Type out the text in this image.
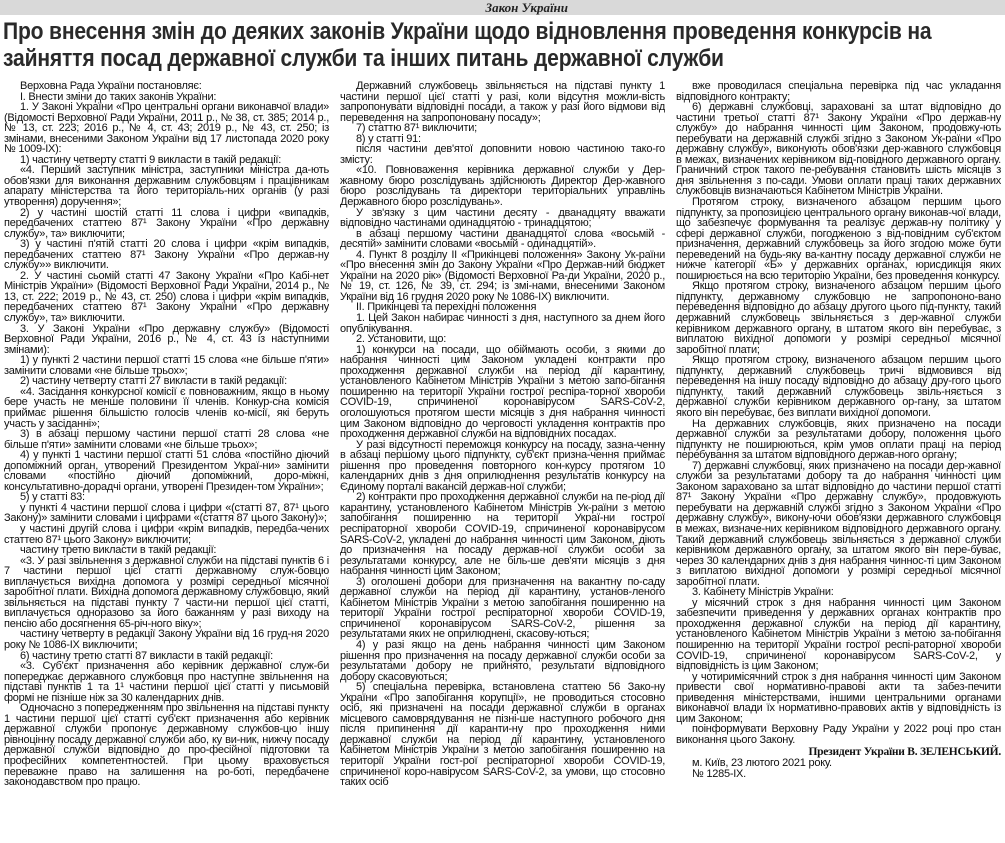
Закон України
Про внесення змін до деяких законів України щодо відновлення проведення конкурсів на зайняття посад державної служби та інших питань державної служби

Верховна Рада України постановляє:

І. Внести зміни до таких законів України:

1. У Законі України «Про центральні органи виконавчої влади» (Відомості Верховної Ради України, 2011 р., № 38, ст. 385; 2014 р., № 13, ст. 223; 2016 р., № 4, ст. 43; 2019 р., № 43, ст. 250; із змінами, внесеними Законом України від 17 листопада 2020 року № 1009-IX):

1) частину четверту статті 9 викласти в такій редакції:

«4. Перший заступник міністра, заступники міністра да-ють обов'язки для виконання державним службовцям і працівникам апарату міністерства та його територіаль-них органів (у разі утворення) доручення»;

2) у частині шостій статті 11 слова і цифри «випадків, передбачених статтею 87¹ Закону України «Про державну службу», та» виключити;

3) у частині п'ятій статті 20 слова і цифри «крім випадків, передбачених статтею 87¹ Закону України «Про держав-ну службу»» виключити.

2. У частині сьомій статті 47 Закону України «Про Кабі-нет Міністрів України» (Відомості Верховної Ради України, 2014 р., № 13, ст. 222; 2019 р., № 43, ст. 250) слова і цифри «крім випадків, передбачених статтею 87¹ Закону України «Про державну службу», та» виключити.

3. У Законі України «Про державну службу» (Відомості Верховної Ради України, 2016 р., № 4, ст. 43 із наступними змінами):

1) у пункті 2 частини першої статті 15 слова «не більше п'яти» замінити словами «не більше трьох»;

2) частину четверту статті 27 викласти в такій редакції:

«4. Засідання конкурсної комісії є повноважним, якщо в ньому бере участь не менше половини її членів. Конкур-сна комісія приймає рішення більшістю голосів членів ко-місії, які беруть участь у засіданні»;

3) в абзаці першому частини першої статті 28 слова «не більше п'яти» замінити словами «не більше трьох»;

4) у пункті 1 частини першої статті 51 слова «постійно діючий допоміжний орган, утворений Президентом Украї-ни» замінити словами «постійно діючий допоміжний, доро-міжні, консультативно-дорадчі органи, утворені Президен-том України»;

5) у статті 83:

у пункті 4 частини першої слова і цифри «(статті 87, 87¹ цього Закону)» замінити словами і цифрами «(стаття 87 цього Закону)»;

у частині другій слова і цифри «крім випадків, передба-чених статтею 87¹ цього Закону» виключити;

частину третю викласти в такій редакції:

«3. У разі звільнення з державної служби на підставі пунктів 6 і 7 частини першої цієї статті державному служ-бовцю виплачується вихідна допомога у розмірі середньої місячної заробітної плати. Вихідна допомога державному службовцю, який звільняється на підставі пункту 7 части-ни першої цієї статті, виплачується одноразово за його бажанням у разі виходу на пенсію або досягнення 65-річ-ного віку»;

частину четверту в редакції Закону України від 16 груд-ня 2020 року № 1086-IX виключити;

6) частину третю статті 87 викласти в такій редакції:

«3. Суб'єкт призначення або керівник державної служ-би попереджає державного службовця про наступне звільнення на підставі пунктів 1 та 1¹ частини першої цієї статті у письмовій формі не пізніше ніж за 30 календарних днів.

Одночасно з попередженням про звільнення на підставі пункту 1 частини першої цієї статті суб'єкт призначення або керівник державної служби пропонує державному службов-цю іншу рівноцінну посаду державної служби або, ку ви-ник, нижчу посаду державної служби відповідно до про-фесійної підготовки та професійних компетентностей. При цьому враховується переважне право на залишення на ро-боті, передбачене законодавством про працю.

Державний службовець звільняється на підставі пункту 1 частини першої цієї статті у разі, коли відсутня можли-вість запропонувати відповідні посади, а також у разі його відмови від переведення на запропоновану посаду»;

7) статтю 87¹ виключити;

8) у статті 91:

після частини дев'ятої доповнити новою частиною тако-го змісту:

«10. Повноваження керівника державної служби у Дер-жавному бюро розслідувань здійснюють Директор Дер-жавного бюро розслідувань та директори територіальних управлінь Державного бюро розслідувань».

У зв'язку з цим частини десяту - дванадцяту вважати відповідно частинами одинадцятою - тринадцятою;

в абзаці першому частини дванадцятої слова «восьмій - десятій» замінити словами «восьмій - одинадцятій».

4. Пункт 8 розділу ІІ «Прикінцеві положення» Закону Ук-раїни «Про внесення змін до Закону України «Про Держав-ний бюджет України на 2020 рік» (Відомості Верховної Ра-ди України, 2020 р., № 19, ст. 126, № 39, ст. 294; із змі-нами, внесеними Законом України від 16 грудня 2020 року № 1086-IX) виключити.

ІІ. Прикінцеві та перехідні положення

1. Цей Закон набирає чинності з дня, наступного за днем його опублікування.

2. Установити, що:

1) конкурси на посади, що обіймають особи, з якими до набрання чинності цим Законом укладені контракти про проходження державної служби на період дії карантину, установленого Кабінетом Міністрів України з метою запо-бігання поширенню на території України гострої респіра-торної хвороби COVID-19, спричиненої коронавірусом SARS-CoV-2, оголошуються протягом шести місяців з дня набрання чинності цим Законом відповідно до черговості укладення контрактів про проходження державної служби на відповідних посадах.

У разі відсутності переможця конкурсу на посаду, зазна-ченну в абзаці першому цього підпункту, суб'єкт призна-чення приймає рішення про проведення повторного кон-курсу протягом 10 календарних днів з дня оприлюднення результатів конкурсу на Єдиному порталі вакансій держав-ної служби;

2) контракти про проходження державної служби на пе-ріод дії карантину, установленого Кабінетом Міністрів Ук-раїни з метою запобігання поширенню на території Украї-ни гострої респіраторної хвороби COVID-19, спричиненої коронавірусом SARS-CoV-2, укладені до набрання чинності цим Законом, діють до призначення на посаду держав-ної служби особи за результатами конкурсу, але не біль-ше дев'яти місяців з дня набрання чинності цим Законом;

3) оголошені добори для призначення на вакантну по-саду державної служби на період дії карантину, установ-леного Кабінетом Міністрів України з метою запобігання поширенню на території України гострої респіраторної хвороби COVID-19, спричиненої коронавірусом SARS-CoV-2, рішення за результатами яких не оприлюднені, скасову-ються;

4) у разі якщо на день набрання чинності цим Законом рішення про призначення на посаду державної служби особи за результатами добору не прийнято, результати відповідного добору скасовуються;

5) спеціальна перевірка, встановлена статтею 56 Зако-ну України «Про запобігання корупції», не проводиться стосовно осіб, які призначені на посади державної служби в органах місцевого самоврядування не пізні-ше наступного робочого дня після припинення дії каранти-ну про проходження ними державної служби на період дії карантину, установленого Кабінетом Міністрів України з метою запобігання поширенню на території України гост-рої респіраторної хвороби COVID-19, спричиненої коро-навірусом SARS-CoV-2, за умови, що стосовно таких осіб

вже проводилася спеціальна перевірка під час укладання відповідного контракту;

6) державні службовці, зараховані за штат відповідно до частини третьої статті 87¹ Закону України «Про держав-ну службу» до набрання чинності цим Законом, продовжу-ють перебувати на державній службі згідно з Законом Ук-раїни «Про державну службу», виконують обов'язки дер-жавного службовця в межах, визначених керівником від-повідного державного органу. Граничний строк такого пе-ребування становить шість місяців з дня звільнення з по-сади. Умови оплати праці таких державних службовців визначаються Кабінетом Міністрів України.

Протягом строку, визначеного абзацом першим цього підпункту, за пропозицією центрального органу виконав-чої влади, що забезпечує формування та реалізує держав-ну політику у сфері державної служби, погодженою з від-повідним суб'єктом призначення, державний службовець за його згодою може бути переведений на будь-яку ва-кантну посаду державної служби не нижче категорії «Б» у державних органах, юрисдикція яких поширюється на всю територію України, без проведення конкурсу.

Якщо протягом строку, визначеного абзацом першим цього підпункту, державному службовцю не запропононо-вано переведення відповідно до абзацу другого цього під-пункту, такий державний службовець звільняється з дер-жавної служби керівником державного органу, в штатом якого він перебуває, з виплатою вихідної допомоги у розмірі середньої місячної заробітної плати;

Якщо протягом строку, визначеного абзацом першим цього підпункту, державний службовець тричі відмовився від переведення на іншу посаду відповідно до абзацу дру-гого цього підпункту, такий державний службовець звіль-няється з державної служби керівником державного ор-гану, за штатом якого він перебуває, без виплати вихідної допомоги.

На державних службовців, яких призначено на посади державної служби за результатами добору, положення цього підпункту не поширюються, крім умов оплати праці на період перебування за штатом відповідного держав-ного органу;

7) державні службовці, яких призначено на посади дер-жавної служби за результатами добору та до набрання чинності цим Законом зараховано за штат відповідно до частини першої статті 87¹ Закону України «Про державну службу», продовжують перебувати на державній службі згідно з Законом України «Про державну службу», викону-ючи обов'язки державного службовця в межах, визначе-них керівником відповідного державного органу. Такий державний службовець звільняється з державної служби керівником державного органу, за штатом якого він пере-буває, через 30 календарних днів з дня набрання чиннос-ті цим Законом з виплатою вихідної допомоги у розмірі середньої місячної заробітної плати.

3. Кабінету Міністрів України:

у місячний строк з дня набрання чинності цим Законом забезпечити приведення у державних органах контрактів про проходження державної служби на період дії карантину, установленого Кабінетом Міністрів України з метою за-побігання поширенню на території України гострої респі-раторної хвороби COVID-19, спричиненої коронавірусом SARS-CoV-2, у відповідність із цим Законом;

у чотиримісячний строк з дня набрання чинності цим Законом привести свої нормативно-правові акти та забез-печити приведення міністерствами, іншими центральними органами виконавчої влади їх нормативно-правових актів у відповідність із цим Законом;

поінформувати Верховну Раду України у 2022 році про стан виконання цього Закону.

Президент України В. ЗЕЛЕНСЬКИЙ.

м. Київ, 23 лютого 2021 року.

№ 1285-IX.
